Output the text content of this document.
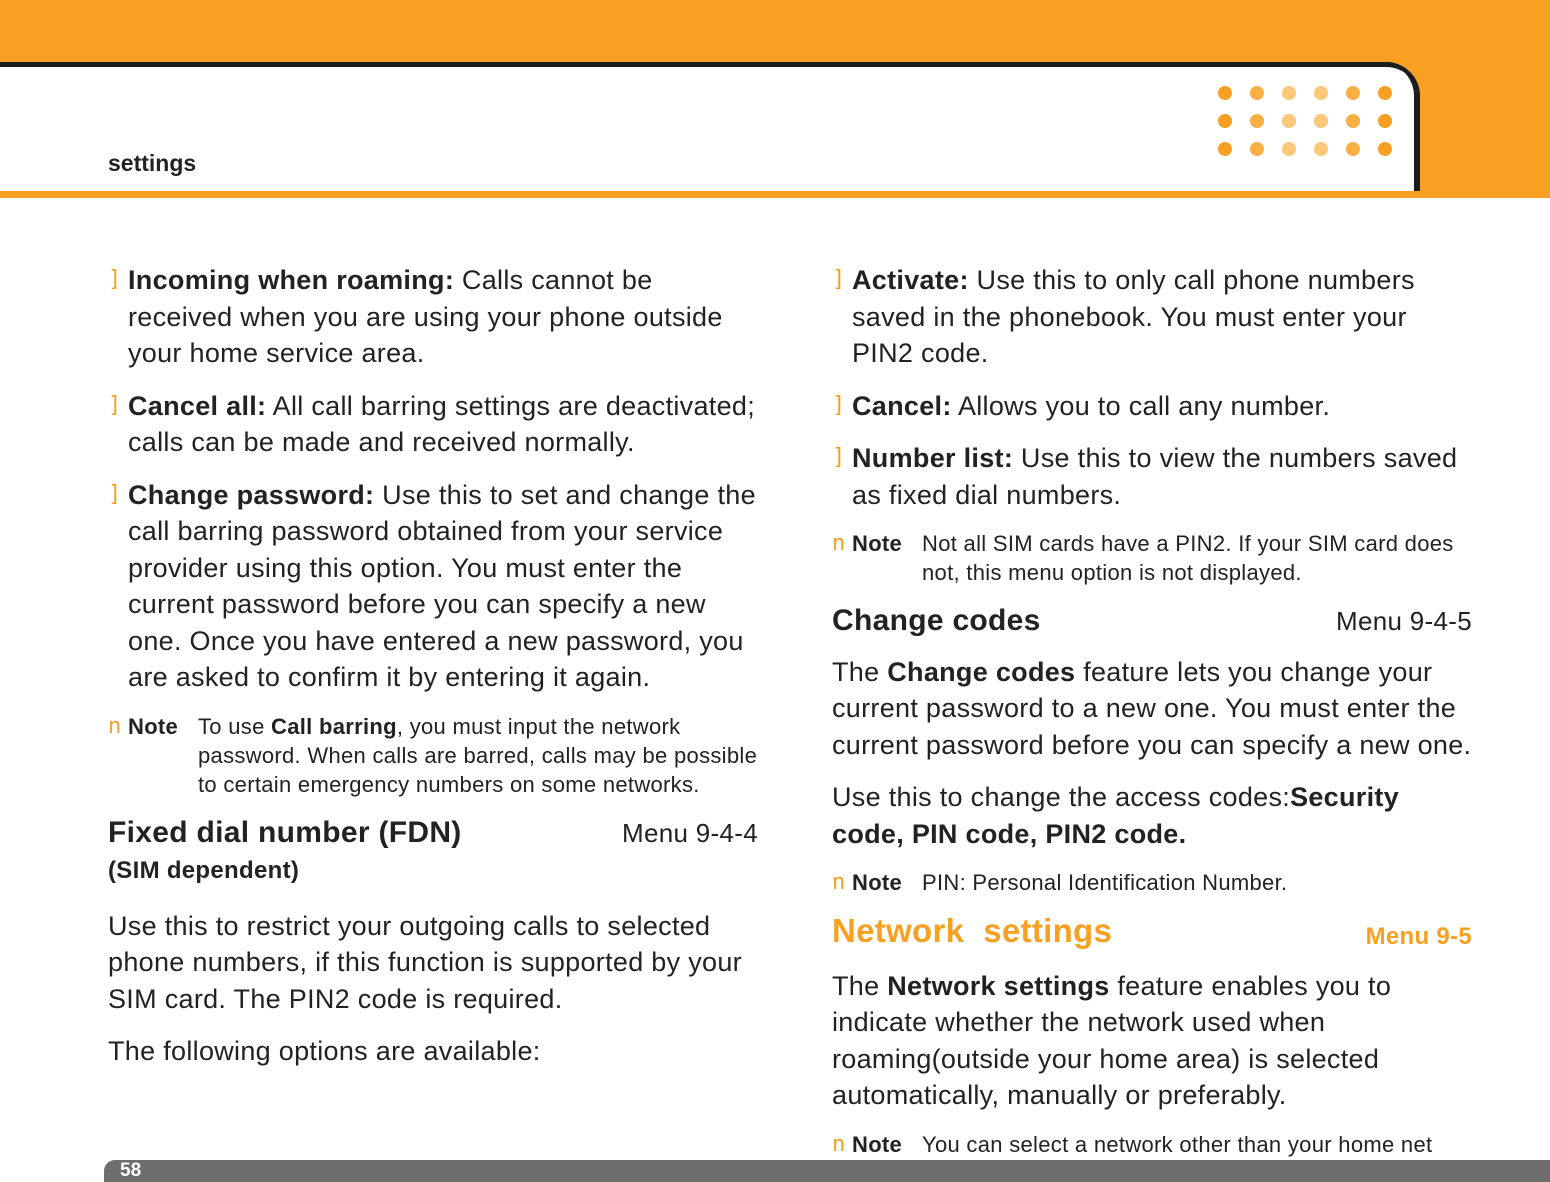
settings
] Incoming when roaming: Calls cannot be received when you are using your phone outside your home service area.
] Cancel all: All call barring settings are deactivated; calls can be made and received normally.
] Change password: Use this to set and change the call barring password obtained from your service provider using this option. You must enter the current password before you can specify a new one. Once you have entered a new password, you are asked to confirm it by entering it again.
n Note To use Call barring, you must input the network password. When calls are barred, calls may be possible to certain emergency numbers on some networks.
Fixed dial number (FDN)	Menu 9-4-4
(SIM dependent)

Use this to restrict your outgoing calls to selected phone numbers, if this function is supported by your SIM card. The PIN2 code is required.

The following options are available:

] Activate: Use this to only call phone numbers saved in the phonebook. You must enter your PIN2 code.
] Cancel: Allows you to call any number.
] Number list: Use this to view the numbers saved as fixed dial numbers.
n Note Not all SIM cards have a PIN2. If your SIM card does not, this menu option is not displayed.
Change codes	Menu 9-4-5

The Change codes feature lets you change your current password to a new one. You must enter the current password before you can specify a new one.

Use this to change the access codes:Security code, PIN code, PIN2 code.

n Note PIN: Personal Identification Number.
Network  settings	Menu 9-5

The Network settings feature enables you to indicate whether the network used when roaming(outside your home area) is selected automatically, manually or preferably.

n Note You can select a network other than your home net
58
